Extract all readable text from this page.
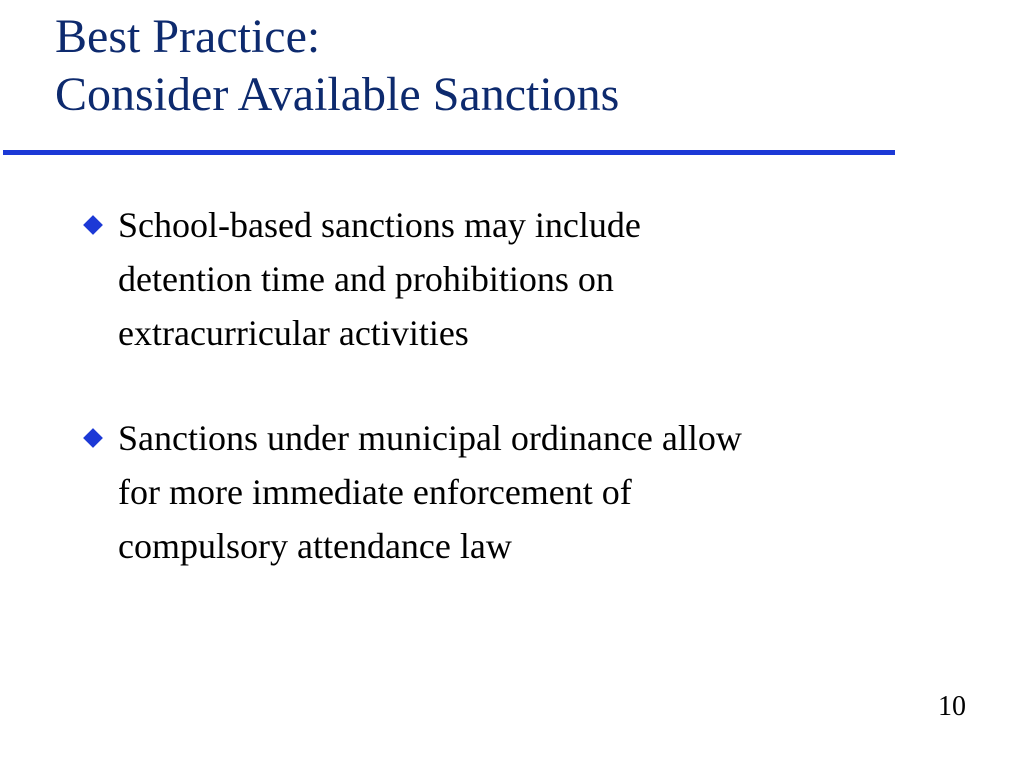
Best Practice:
Consider Available Sanctions
School-based sanctions may include
detention time and prohibitions on
extracurricular activities
Sanctions under municipal ordinance allow
for more immediate enforcement of
compulsory attendance law
10
